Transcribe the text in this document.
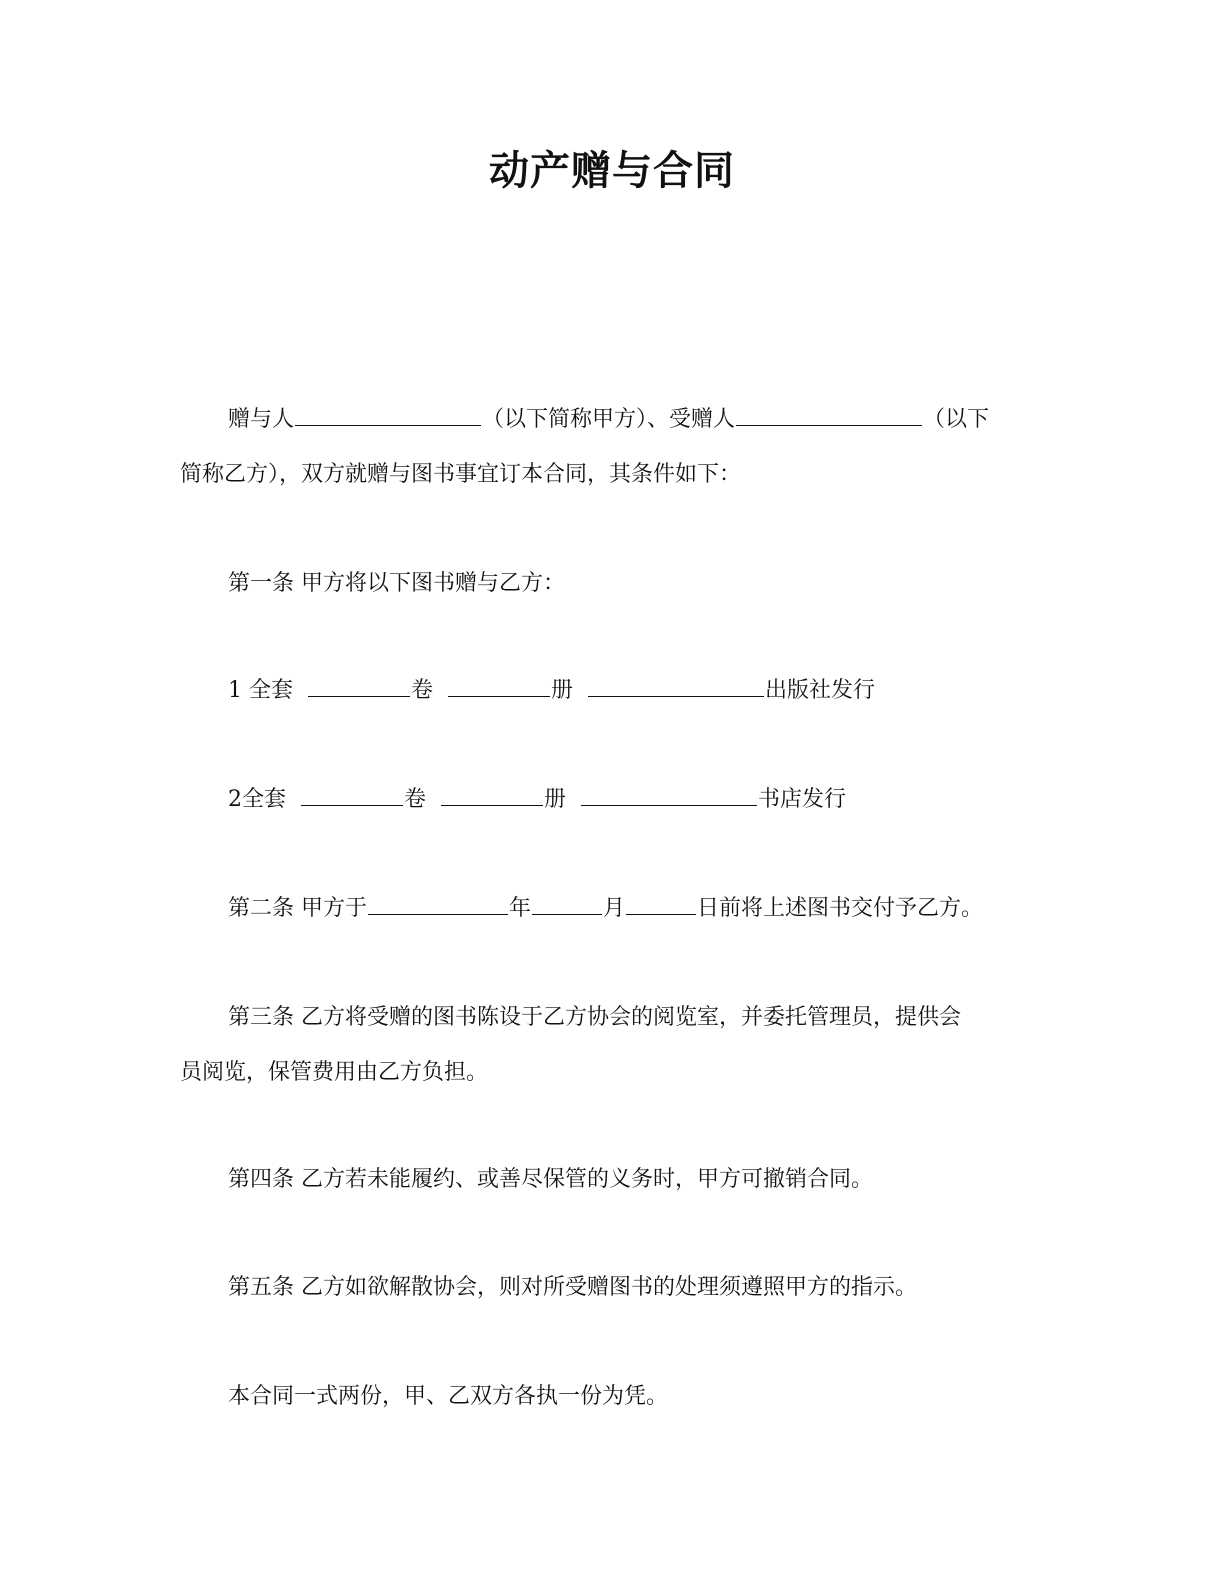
动产赠与合同
赠与人	（以下简称甲方）、受赠人	（以下
简称乙方），双方就赠与图书事宜订本合同，其条件如下：
第一条 甲方将以下图书赠与乙方：
1 全套	卷	册	出版社发行
2全套	卷	册	书店发行
第二条 甲方于	年	月	日前将上述图书交付予乙方。
第三条 乙方将受赠的图书陈设于乙方协会的阅览室，并委托管理员，提供会
员阅览，保管费用由乙方负担。
第四条 乙方若未能履约、或善尽保管的义务时，甲方可撤销合同。
第五条 乙方如欲解散协会，则对所受赠图书的处理须遵照甲方的指示。
本合同一式两份，甲、乙双方各执一份为凭。
